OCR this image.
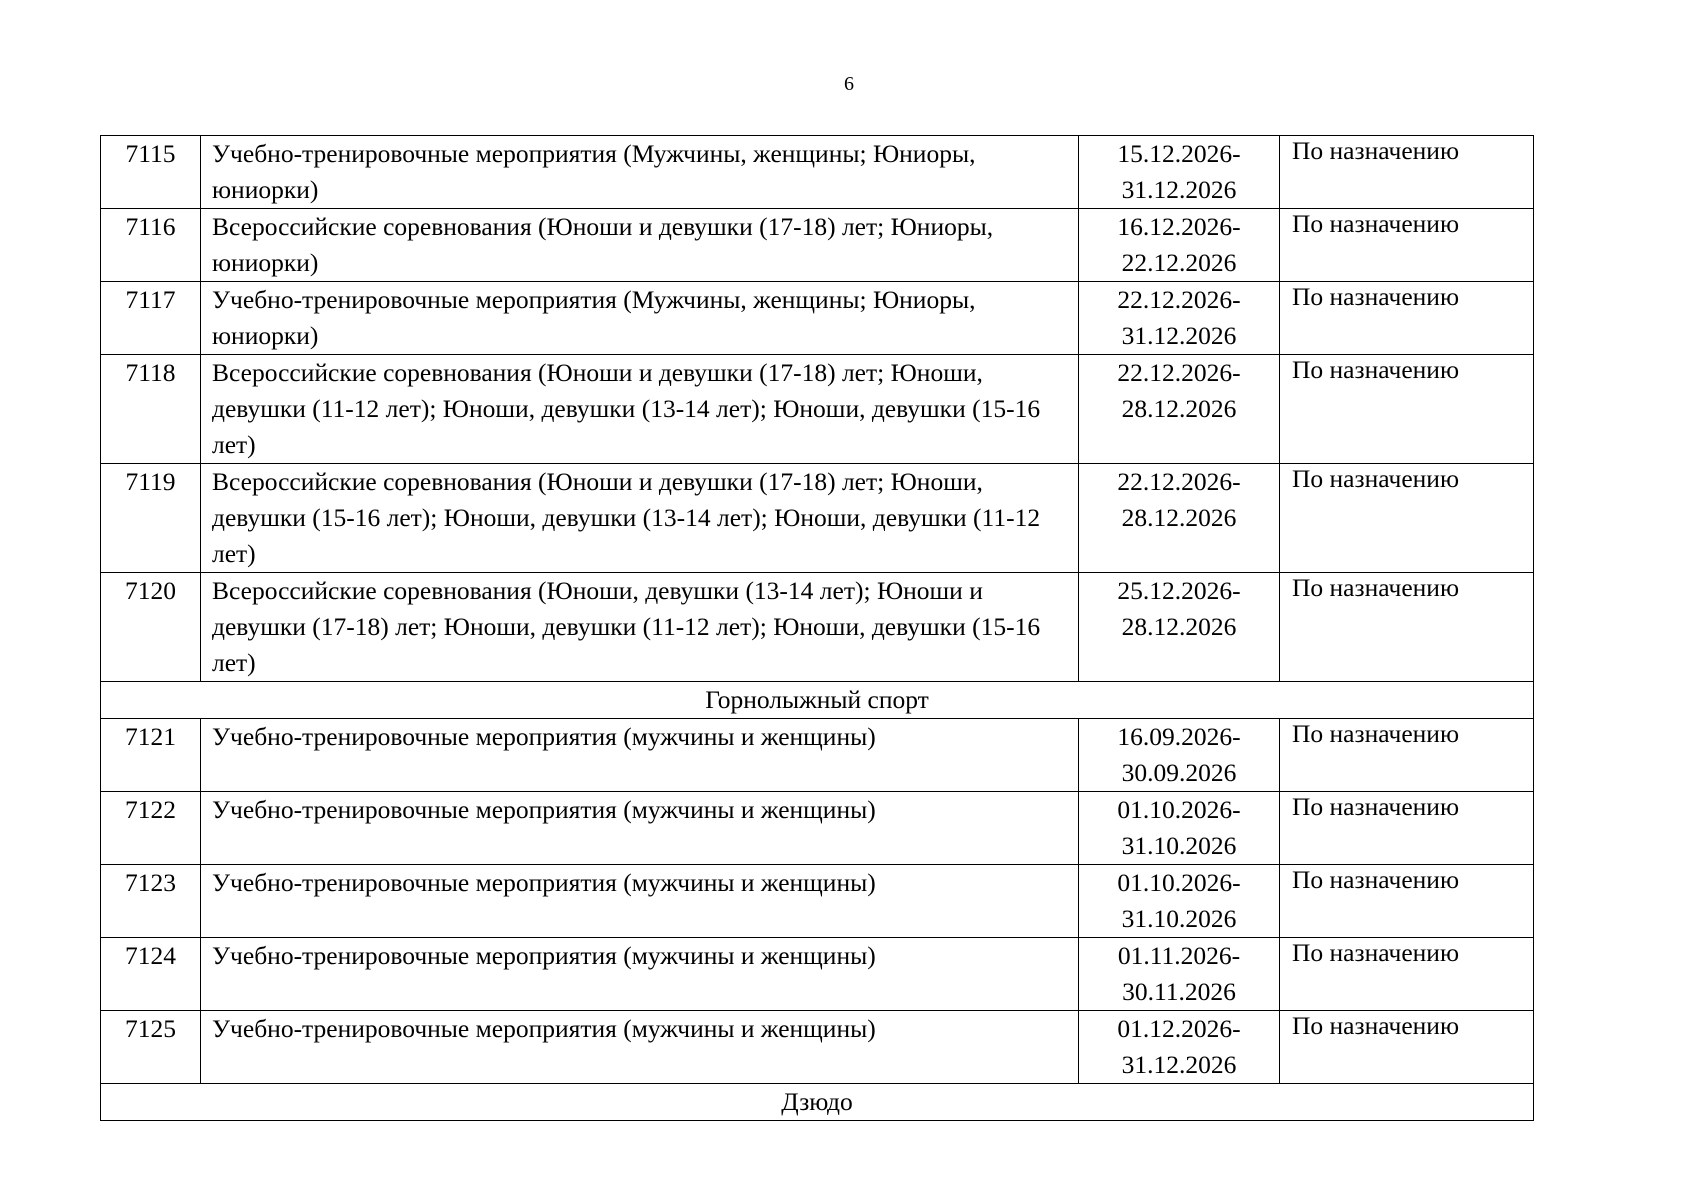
6
7115	Учебно-тренировочные мероприятия (Мужчины, женщины; Юниоры, юниорки)	15.12.2026-
31.12.2026	По назначению

7116	Всероссийские соревнования (Юноши и девушки (17-18) лет; Юниоры, юниорки)	16.12.2026-
22.12.2026	По назначению

7117	Учебно-тренировочные мероприятия (Мужчины, женщины; Юниоры, юниорки)	22.12.2026-
31.12.2026	По назначению

7118	Всероссийские соревнования (Юноши и девушки (17-18) лет; Юноши, девушки (11-12 лет); Юноши, девушки (13-14 лет); Юноши, девушки (15-16 лет)	22.12.2026-
28.12.2026	По назначению

7119	Всероссийские соревнования (Юноши и девушки (17-18) лет; Юноши, девушки (15-16 лет); Юноши, девушки (13-14 лет); Юноши, девушки (11-12 лет)	22.12.2026-
28.12.2026	По назначению

7120	Всероссийские соревнования (Юноши, девушки (13-14 лет); Юноши и девушки (17-18) лет; Юноши, девушки (11-12 лет); Юноши, девушки (15-16 лет)	25.12.2026-
28.12.2026	По назначению

Горнолыжный спорт			
7121	Учебно-тренировочные мероприятия (мужчины и женщины)	16.09.2026-
30.09.2026	По назначению

7122	Учебно-тренировочные мероприятия (мужчины и женщины)	01.10.2026-
31.10.2026	По назначению

7123	Учебно-тренировочные мероприятия (мужчины и женщины)	01.10.2026-
31.10.2026	По назначению

7124	Учебно-тренировочные мероприятия (мужчины и женщины)	01.11.2026-
30.11.2026	По назначению

7125	Учебно-тренировочные мероприятия (мужчины и женщины)	01.12.2026-
31.12.2026	По назначению

Дзюдо			
